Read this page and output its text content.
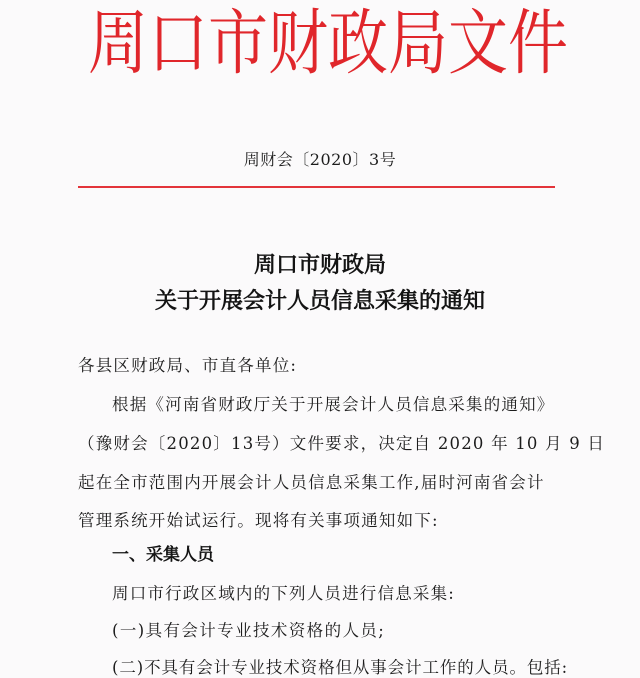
周 口 市 财 政 局 文 件
周财会〔2020〕3号
周口市财政局
关于开展会计人员信息采集的通知
各县区财政局、市直各单位:
根据《河南省财政厅关于开展会计人员信息采集的通知》
（豫财会〔2020〕13号）文件要求，决定自 2020 年 10 月 9 日
起在全市范围内开展会计人员信息采集工作,届时河南省会计
管理系统开始试运行。现将有关事项通知如下:
一、采集人员
周口市行政区域内的下列人员进行信息采集:
(一)具有会计专业技术资格的人员;
(二)不具有会计专业技术资格但从事会计工作的人员。包括:
